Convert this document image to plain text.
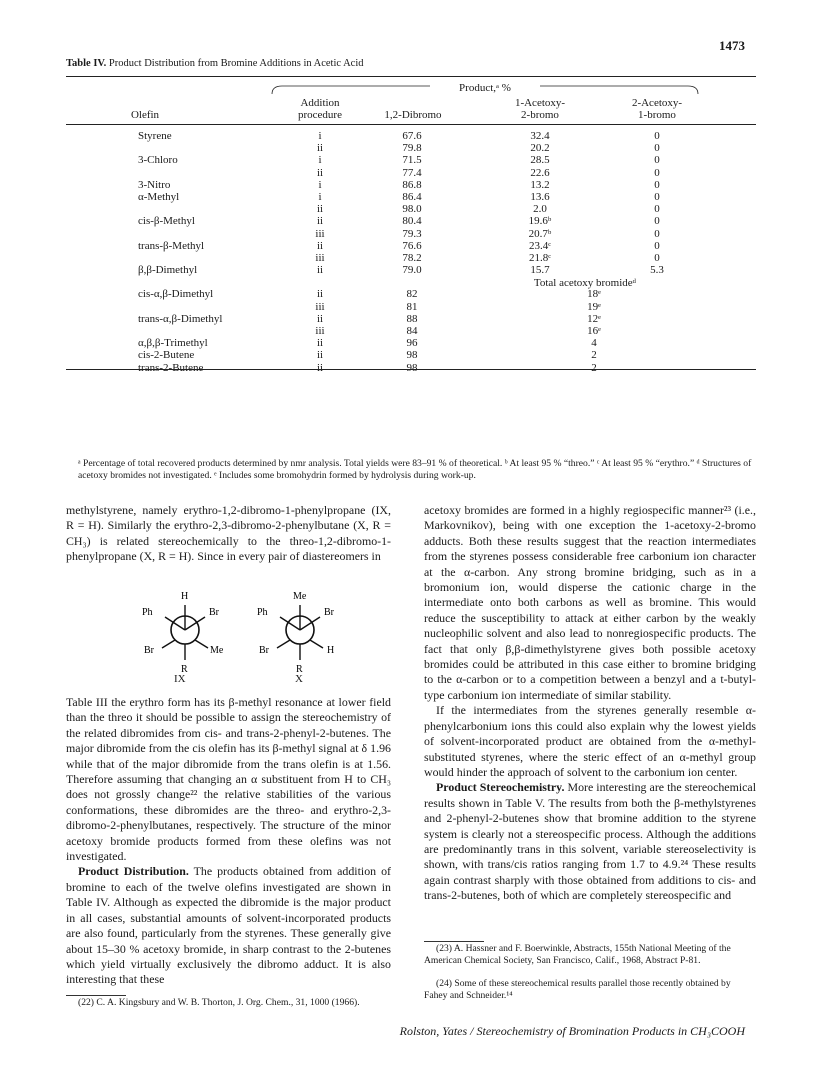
1473
Table IV. Product Distribution from Bromine Additions in Acetic Acid
Product,ᵃ %
Olefin
Addition
procedure	1,2-Dibromo
1-Acetoxy-
2-bromo
2-Acetoxy-
1-bromo
Styrene	i	67.6	32.4	0
ii	79.8	20.2	0
3-Chloro	i	71.5	28.5	0
ii	77.4	22.6	0
3-Nitro	i	86.8	13.2	0
α-Methyl	i	86.4	13.6	0
ii	98.0	2.0	0
cis-β-Methyl	ii	80.4	19.6ᵇ	0
iii	79.3	20.7ᵇ	0
trans-β-Methyl	ii	76.6	23.4ᶜ	0
iii	78.2	21.8ᶜ	0
β,β-Dimethyl	ii	79.0	15.7	5.3
cis-α,β-Dimethyl	ii	82	18ᵉ
iii	81	19ᵉ
trans-α,β-Dimethyl	ii	88	12ᵉ
iii	84	16ᵉ
α,β,β-Trimethyl	ii	96	4
cis-2-Butene	ii	98	2
trans-2-Butene	ii	98	2
Total acetoxy bromideᵈ
ᵃ Percentage of total recovered products determined by nmr analysis. Total yields were 83–91 % of theoretical. ᵇ At least 95 % “threo.” ᶜ At least 95 % “erythro.” ᵈ Structures of acetoxy bromides not investigated. ᵉ Includes some bromohydrin formed by hydrolysis during work-up.

methylstyrene, namely erythro-1,2-dibromo-1-phenylpropane (IX, R = H). Similarly the erythro-2,3-dibromo-2-phenylbutane (X, R = CH₃) is related stereochemically to the threo-1,2-dibromo-1-phenylpropane (X, R = H). Since in every pair of diastereomers in

H
Ph	Br
Br	Me
R
Me
Ph	Br
Br	H
R
IX	X

Table III the erythro form has its β-methyl resonance at lower field than the threo it should be possible to assign the stereochemistry of the related dibromides from cis- and trans-2-phenyl-2-butenes. The major dibromide from the cis olefin has its β-methyl signal at δ 1.96 while that of the major dibromide from the trans olefin is at 1.56. Therefore assuming that changing an α substituent from H to CH₃ does not grossly change²² the relative stabilities of the various conformations, these dibromides are the threo- and erythro-2,3-dibromo-2-phenylbutanes, respectively. The structure of the minor acetoxy bromide products formed from these olefins was not investigated.

Product Distribution. The products obtained from addition of bromine to each of the twelve olefins investigated are shown in Table IV. Although as expected the dibromide is the major product in all cases, substantial amounts of solvent-incorporated products are also found, particularly from the styrenes. These generally give about 15–30 % acetoxy bromide, in sharp contrast to the 2-butenes which yield virtually exclusively the dibromo adduct. It is also interesting that these

(22) C. A. Kingsbury and W. B. Thorton, J. Org. Chem., 31, 1000 (1966).

acetoxy bromides are formed in a highly regiospecific manner²³ (i.e., Markovnikov), being with one exception the 1-acetoxy-2-bromo adducts. Both these results suggest that the reaction intermediates from the styrenes possess considerable free carbonium ion character at the α-carbon. Any strong bromine bridging, such as in a bromonium ion, would disperse the cationic charge in the intermediate onto both carbons as well as bromine. This would reduce the susceptibility to attack at either carbon by the weakly nucleophilic solvent and also lead to nonregiospecific products. The fact that only β,β-dimethylstyrene gives both possible acetoxy bromides could be attributed in this case either to bromine bridging to the α-carbon or to a competition between a benzyl and a t-butyl-type carbonium ion intermediate of similar stability.

If the intermediates from the styrenes generally resemble α-phenylcarbonium ions this could also explain why the lowest yields of solvent-incorporated product are obtained from the α-methyl-substituted styrenes, where the steric effect of an α-methyl group would hinder the approach of solvent to the carbonium ion center.

Product Stereochemistry. More interesting are the stereochemical results shown in Table V. The results from both the β-methylstyrenes and 2-phenyl-2-butenes show that bromine addition to the styrene system is clearly not a stereospecific process. Although the additions are predominantly trans in this solvent, variable stereoselectivity is shown, with trans/cis ratios ranging from 1.7 to 4.9.²⁴ These results again contrast sharply with those obtained from additions to cis- and trans-2-butenes, both of which are completely stereospecific and

(23) A. Hassner and F. Boerwinkle, Abstracts, 155th National Meeting of the American Chemical Society, San Francisco, Calif., 1968, Abstract P-81.
(24) Some of these stereochemical results parallel those recently obtained by Fahey and Schneider.¹⁴
Rolston, Yates / Stereochemistry of Bromination Products in CH₃COOH
